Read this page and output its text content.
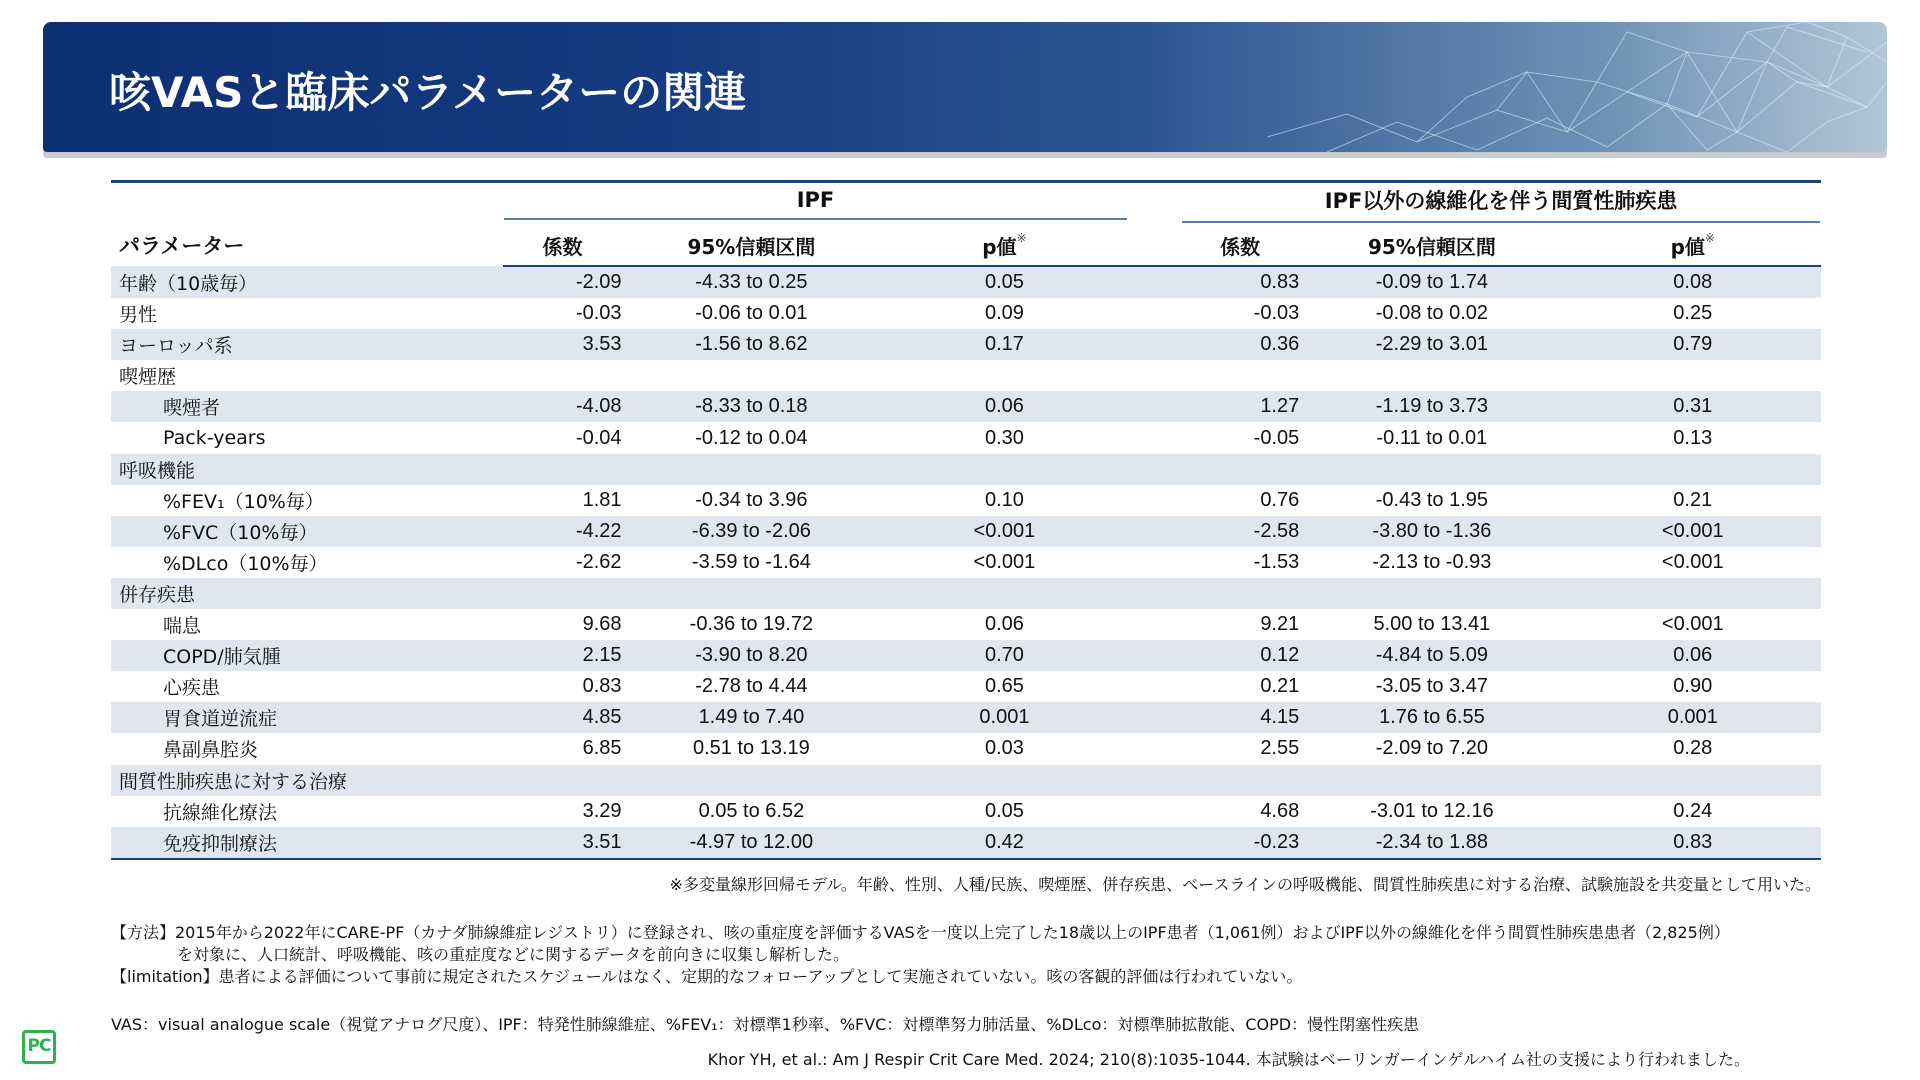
咳VASと臨床パラメーターの関連
パラメーター	IPF				IPF以外の線維化を伴う間質性肺疾患		

	係数	95%信頼区間	p値※		係数	95%信頼区間	p値※
年齢（10歳毎）	-2.09	-4.33 to 0.25	0.05		0.83	-0.09 to 1.74	0.08
男性	-0.03	-0.06 to 0.01	0.09		-0.03	-0.08 to 0.02	0.25
ヨーロッパ系	3.53	-1.56 to 8.62	0.17		0.36	-2.29 to 3.01	0.79
喫煙歴							
喫煙者	-4.08	-8.33 to 0.18	0.06		1.27	-1.19 to 3.73	0.31
Pack-years	-0.04	-0.12 to 0.04	0.30		-0.05	-0.11 to 0.01	0.13
呼吸機能							
%FEV₁（10%毎）	1.81	-0.34 to 3.96	0.10		0.76	-0.43 to 1.95	0.21
%FVC（10%毎）	-4.22	-6.39 to -2.06	<0.001		-2.58	-3.80 to -1.36	<0.001
%DLco（10%毎）	-2.62	-3.59 to -1.64	<0.001		-1.53	-2.13 to -0.93	<0.001
併存疾患							
喘息	9.68	-0.36 to 19.72	0.06		9.21	5.00 to 13.41	<0.001
COPD/肺気腫	2.15	-3.90 to 8.20	0.70		0.12	-4.84 to 5.09	0.06
心疾患	0.83	-2.78 to 4.44	0.65		0.21	-3.05 to 3.47	0.90
胃食道逆流症	4.85	1.49 to 7.40	0.001		4.15	1.76 to 6.55	0.001
鼻副鼻腔炎	6.85	0.51 to 13.19	0.03		2.55	-2.09 to 7.20	0.28
間質性肺疾患に対する治療							
抗線維化療法	3.29	0.05 to 6.52	0.05		4.68	-3.01 to 12.16	0.24
免疫抑制療法	3.51	-4.97 to 12.00	0.42		-0.23	-2.34 to 1.88	0.83
※多変量線形回帰モデル。年齢、性別、人種/民族、喫煙歴、併存疾患、ベースラインの呼吸機能、間質性肺疾患に対する治療、試験施設を共変量として用いた。

【方法】2015年から2022年にCARE-PF（カナダ肺線維症レジストリ）に登録され、咳の重症度を評価するVASを一度以上完了した18歳以上のIPF患者（1,061例）およびIPF以外の線維化を伴う間質性肺疾患患者（2,825例）

を対象に、人口統計、呼吸機能、咳の重症度などに関するデータを前向きに収集し解析した。

【limitation】患者による評価について事前に規定されたスケジュールはなく、定期的なフォローアップとして実施されていない。咳の客観的評価は行われていない。

VAS：visual analogue scale（視覚アナログ尺度）、IPF：特発性肺線維症、%FEV₁：対標準1秒率、%FVC：対標準努力肺活量、%DLco：対標準肺拡散能、COPD：慢性閉塞性疾患
Khor YH, et al.: Am J Respir Crit Care Med. 2024; 210(8):1035-1044. 本試験はベーリンガーインゲルハイム社の支援により行われました。
PC
